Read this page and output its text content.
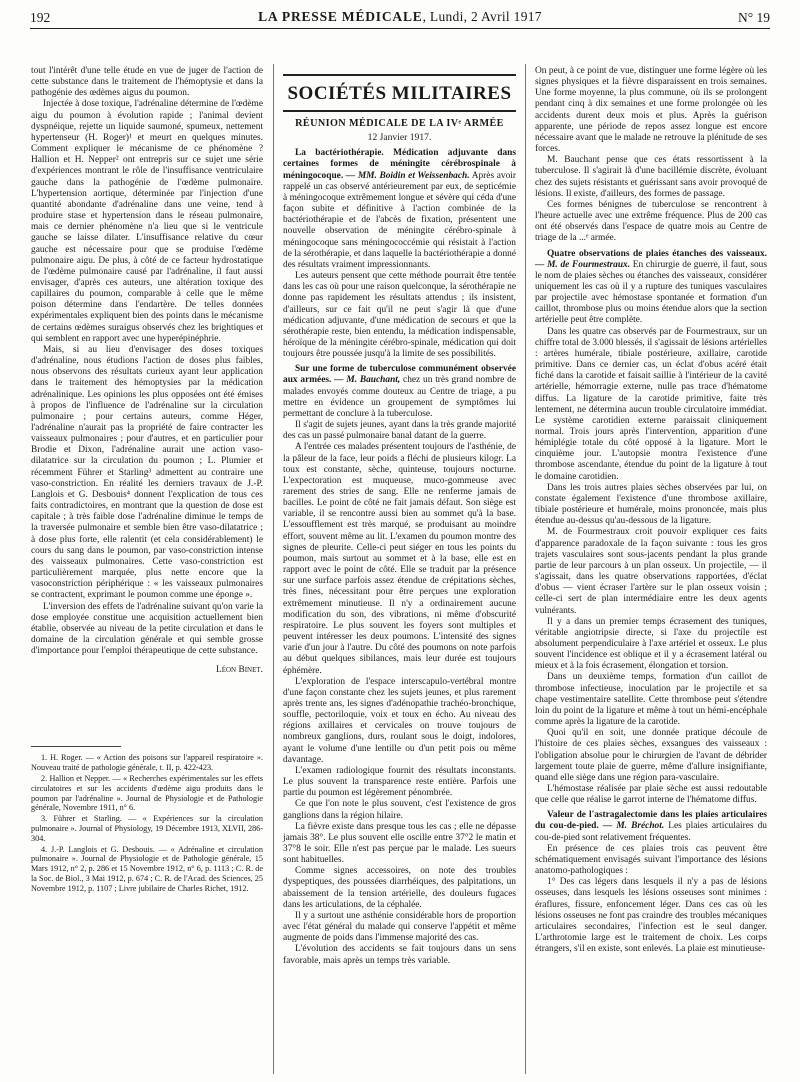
192	LA PRESSE MÉDICALE, Lundi, 2 Avril 1917	N° 19

tout l'intérêt d'une telle étude en vue de juger de l'action de cette substance dans le traitement de l'hémoptysie et dans la pathogénie des œdèmes aigus du poumon.

Injectée à dose toxique, l'adrénaline détermine de l'œdème aigu du poumon à évolution rapide ; l'animal devient dyspnéique, rejette un liquide saumoné, spumeux, nettement hypertenseur (H. Roger)¹ et meurt en quelques minutes. Comment expliquer le mécanisme de ce phénomène ? Hallion et H. Nepper² ont entrepris sur ce sujet une série d'expériences montrant le rôle de l'insuffisance ventriculaire gauche dans la pathogénie de l'œdème pulmonaire. L'hypertension aortique, déterminée par l'injection d'une quantité abondante d'adrénaline dans une veine, tend à produire stase et hypertension dans le réseau pulmonaire, mais ce dernier phénomène n'a lieu que si le ventricule gauche se laisse dilater. L'insuffisance relative du cœur gauche est nécessaire pour que se produise l'œdème pulmonaire aigu. De plus, à côté de ce facteur hydrostatique de l'œdème pulmonaire causé par l'adrénaline, il faut aussi envisager, d'après ces auteurs, une altération toxique des capillaires du poumon, comparable à celle que le même poison détermine dans l'endartère. De telles données expérimentales expliquent bien des points dans le mécanisme de certains œdèmes suraigus observés chez les brightiques et qui semblent en rapport avec une hyperépinéphrie.

Mais, si au lieu d'envisager des doses toxiques d'adrénaline, nous étudions l'action de doses plus faibles, nous observons des résultats curieux ayant leur application dans le traitement des hémoptysies par la médication adrénalinique. Les opinions les plus opposées ont été émises à propos de l'influence de l'adrénaline sur la circulation pulmonaire ; pour certains auteurs, comme Héger, l'adrénaline n'aurait pas la propriété de faire contracter les vaisseaux pulmonaires ; pour d'autres, et en particulier pour Brodie et Dixon, l'adrénaline aurait une action vaso-dilatatrice sur la circulation du poumon ; L. Plumier et récemment Führer et Starling³ admettent au contraire une vaso-constriction. En réalité les derniers travaux de J.-P. Langlois et G. Desbouis⁴ donnent l'explication de tous ces faits contradictoires, en montrant que la question de dose est capitale ; à très faible dose l'adrénaline diminue le temps de la traversée pulmonaire et semble bien être vaso-dilatatrice ; à dose plus forte, elle ralentit (et cela considérablement) le cours du sang dans le poumon, par vaso-constriction intense des vaisseaux pulmonaires. Cette vaso-constriction est particulièrement marquée, plus nette encore que la vasoconstriction périphérique : « les vaisseaux pulmonaires se contractent, exprimant le poumon comme une éponge ».

L'inversion des effets de l'adrénaline suivant qu'on varie la dose employée constitue une acquisition actuellement bien établie, observée au niveau de la petite circulation et dans le domaine de la circulation générale et qui semble grosse d'importance pour l'emploi thérapeutique de cette substance.

Léon Binet.

1. H. Roger. — « Action des poisons sur l'appareil respiratoire ». Nouveau traité de pathologie générale, t. II, p. 422-423.

2. Hallion et Nepper. — « Recherches expérimentales sur les effets circulatoires et sur les accidents d'œdème aigu produits dans le poumon par l'adrénaline ». Journal de Physiologie et de Pathologie générale, Novembre 1911, n° 6.

3. Führer et Starling. — « Expériences sur la circulation pulmonaire ». Journal of Physiology, 19 Décembre 1913, XLVII, 286-304.

4. J.-P. Langlois et G. Desbouis. — « Adrénaline et circulation pulmonaire ». Journal de Physiologie et de Pathologie générale, 15 Mars 1912, n° 2, p. 286 et 15 Novembre 1912, n° 6, p. 1113 ; C. R. de la Soc. de Biol., 3 Mai 1912, p. 674 ; C. R. de l'Acad. des Sciences, 25 Novembre 1912, p. 1107 ; Livre jubilaire de Charles Richet, 1912.

SOCIÉTÉS MILITAIRES
RÉUNION MÉDICALE DE LA IVᵉ ARMÉE
12 Janvier 1917.

La bactériothérapie. Médication adjuvante dans certaines formes de méningite cérébrospinale à méningocoque. — MM. Boidin et Weissenbach. Après avoir rappelé un cas observé antérieurement par eux, de septicémie à méningocoque extrêmement longue et sévère qui céda d'une façon subite et définitive à l'action combinée de la bactériothérapie et de l'abcès de fixation, présentent une nouvelle observation de méningite cérébro-spinale à méningocoque sans méningococcémie qui résistait à l'action de la sérothérapie, et dans laquelle la bactériothérapie a donné des résultats vraiment impressionnants.

Les auteurs pensent que cette méthode pourrait être tentée dans les cas où pour une raison quelconque, la sérothérapie ne donne pas rapidement les résultats attendus ; ils insistent, d'ailleurs, sur ce fait qu'il ne peut s'agir là que d'une médication adjuvante, d'une médication de secours et que la sérothérapie reste, bien entendu, la médication indispensable, héroïque de la méningite cérébro-spinale, médication qui doit toujours être poussée jusqu'à la limite de ses possibilités.

Sur une forme de tuberculose communément observée aux armées. — M. Bauchant, chez un très grand nombre de malades envoyés comme douteux au Centre de triage, a pu mettre en évidence un groupement de symptômes lui permettant de conclure à la tuberculose.

Il s'agit de sujets jeunes, ayant dans la très grande majorité des cas un passé pulmonaire banal datant de la guerre.

A l'entrée ces malades présentent toujours de l'asthénie, de la pâleur de la face, leur poids a fléchi de plusieurs kilogr. La toux est constante, sèche, quinteuse, toujours nocturne. L'expectoration est muqueuse, muco-gommeuse avec rarement des stries de sang. Elle ne renferme jamais de bacilles. Le point de côté ne fait jamais défaut. Son siège est variable, il se rencontre aussi bien au sommet qu'à la base. L'essoufflement est très marqué, se produisant au moindre effort, souvent même au lit. L'examen du poumon montre des signes de pleurite. Celle-ci peut siéger en tous les points du poumon, mais surtout au sommet et à la base, elle est en rapport avec le point de côté. Elle se traduit par la présence sur une surface parfois assez étendue de crépitations sèches, très fines, nécessitant pour être perçues une exploration extrêmement minutieuse. Il n'y a ordinairement aucune modification du son, des vibrations, ni même d'obscurité respiratoire. Le plus souvent les foyers sont multiples et peuvent intéresser les deux poumons. L'intensité des signes varie d'un jour à l'autre. Du côté des poumons on note parfois au début quelques sibilances, mais leur durée est toujours éphémère.

L'exploration de l'espace interscapulo-vertébral montre d'une façon constante chez les sujets jeunes, et plus rarement après trente ans, les signes d'adénopathie trachéo-bronchique, souffle, pectoriloquie, voix et toux en écho. Au niveau des régions axillaires et cervicales on trouve toujours de nombreux ganglions, durs, roulant sous le doigt, indolores, ayant le volume d'une lentille ou d'un petit pois ou même davantage.

L'examen radiologique fournit des résultats inconstants. Le plus souvent la transparence reste entière. Parfois une partie du poumon est légèrement pénombrée.

Ce que l'on note le plus souvent, c'est l'existence de gros ganglions dans la région hilaire.

La fièvre existe dans presque tous les cas ; elle ne dépasse jamais 38°. Le plus souvent elle oscille entre 37°2 le matin et 37°8 le soir. Elle n'est pas perçue par le malade. Les sueurs sont habituelles.

Comme signes accessoires, on note des troubles dyspeptiques, des poussées diarrhéiques, des palpitations, un abaissement de la tension artérielle, des douleurs fugaces dans les articulations, de la céphalée.

Il y a surtout une asthénie considérable hors de proportion avec l'état général du malade qui conserve l'appétit et même augmente de poids dans l'immense majorité des cas.

L'évolution des accidents se fait toujours dans un sens favorable, mais après un temps très variable.

On peut, à ce point de vue, distinguer une forme légère où les signes physiques et la fièvre disparaissent en trois semaines. Une forme moyenne, la plus commune, où ils se prolongent pendant cinq à dix semaines et une forme prolongée où les accidents durent deux mois et plus. Après la guérison apparente, une période de repos assez longue est encore nécessaire avant que le malade ne retrouve la plénitude de ses forces.

M. Bauchant pense que ces états ressortissent à la tuberculose. Il s'agirait là d'une bacillémie discrète, évoluant chez des sujets résistants et guérissant sans avoir provoqué de lésions. Il existe, d'ailleurs, des formes de passage.

Ces formes bénignes de tuberculose se rencontrent à l'heure actuelle avec une extrême fréquence. Plus de 200 cas ont été observés dans l'espace de quatre mois au Centre de triage de la ...ᵉ armée.

Quatre observations de plaies étanches des vaisseaux. — M. de Fourmestraux. En chirurgie de guerre, il faut, sous le nom de plaies sèches ou étanches des vaisseaux, considérer uniquement les cas où il y a rupture des tuniques vasculaires par projectile avec hémostase spontanée et formation d'un caillot, thrombose plus ou moins étendue alors que la section artérielle peut être complète.

Dans les quatre cas observés par de Fourmestraux, sur un chiffre total de 3.000 blessés, il s'agissait de lésions artérielles : artères humérale, tibiale postérieure, axillaire, carotide primitive. Dans ce dernier cas, un éclat d'obus acéré était fiché dans la carotide et faisait saillie à l'intérieur de la cavité artérielle, hémorragie externe, nulle pas trace d'hématome diffus. La ligature de la carotide primitive, faite très lentement, ne détermina aucun trouble circulatoire immédiat. Le système carotidien externe paraissait cliniquement normal. Trois jours après l'intervention, apparition d'une hémiplégie totale du côté opposé à la ligature. Mort le cinquième jour. L'autopsie montra l'existence d'une thrombose ascendante, étendue du point de la ligature à tout le domaine carotidien.

Dans les trois autres plaies sèches observées par lui, on constate également l'existence d'une thrombose axillaire, tibiale postérieure et humérale, moins prononcée, mais plus étendue au-dessus qu'au-dessous de la ligature.

M. de Fourmestraux croit pouvoir expliquer ces faits d'apparence paradoxale de la façon suivante : tous les gros trajets vasculaires sont sous-jacents pendant la plus grande partie de leur parcours à un plan osseux. Un projectile, — il s'agissait, dans les quatre observations rapportées, d'éclat d'obus — vient écraser l'artère sur le plan osseux voisin ; celle-ci sert de plan intermédiaire entre les deux agents vulnérants.

Il y a dans un premier temps écrasement des tuniques, véritable angiotripsie directe, si l'axe du projectile est absolument perpendiculaire à l'axe artériel et osseux. Le plus souvent l'incidence est oblique et il y a écrasement latéral ou mieux et à la fois écrasement, élongation et torsion.

Dans un deuxième temps, formation d'un caillot de thrombose infectieuse, inoculation par le projectile et sa chape vestimentaire satellite. Cette thrombose peut s'étendre loin du point de la ligature et même à tout un hémi-encéphale comme après la ligature de la carotide.

Quoi qu'il en soit, une donnée pratique découle de l'histoire de ces plaies sèches, exsangues des vaisseaux : l'obligation absolue pour le chirurgien de l'avant de débrider largement toute plaie de guerre, même d'allure insignifiante, quand elle siège dans une région para-vasculaire.

L'hémostase réalisée par plaie sèche est aussi redoutable que celle que réalise le garrot interne de l'hématome diffus.

Valeur de l'astragalectomie dans les plaies articulaires du cou-de-pied. — M. Bréchot. Les plaies articulaires du cou-de-pied sont relativement fréquentes.

En présence de ces plaies trois cas peuvent être schématiquement envisagés suivant l'importance des lésions anatomo-pathologiques :

1° Des cas légers dans lesquels il n'y a pas de lésions osseuses, dans lesquels les lésions osseuses sont minimes : éraflures, fissure, enfoncement léger. Dans ces cas où les lésions osseuses ne font pas craindre des troubles mécaniques articulaires secondaires, l'infection est le seul danger. L'arthrotomie large est le traitement de choix. Les corps étrangers, s'il en existe, sont enlevés. La plaie est minutieuse-
